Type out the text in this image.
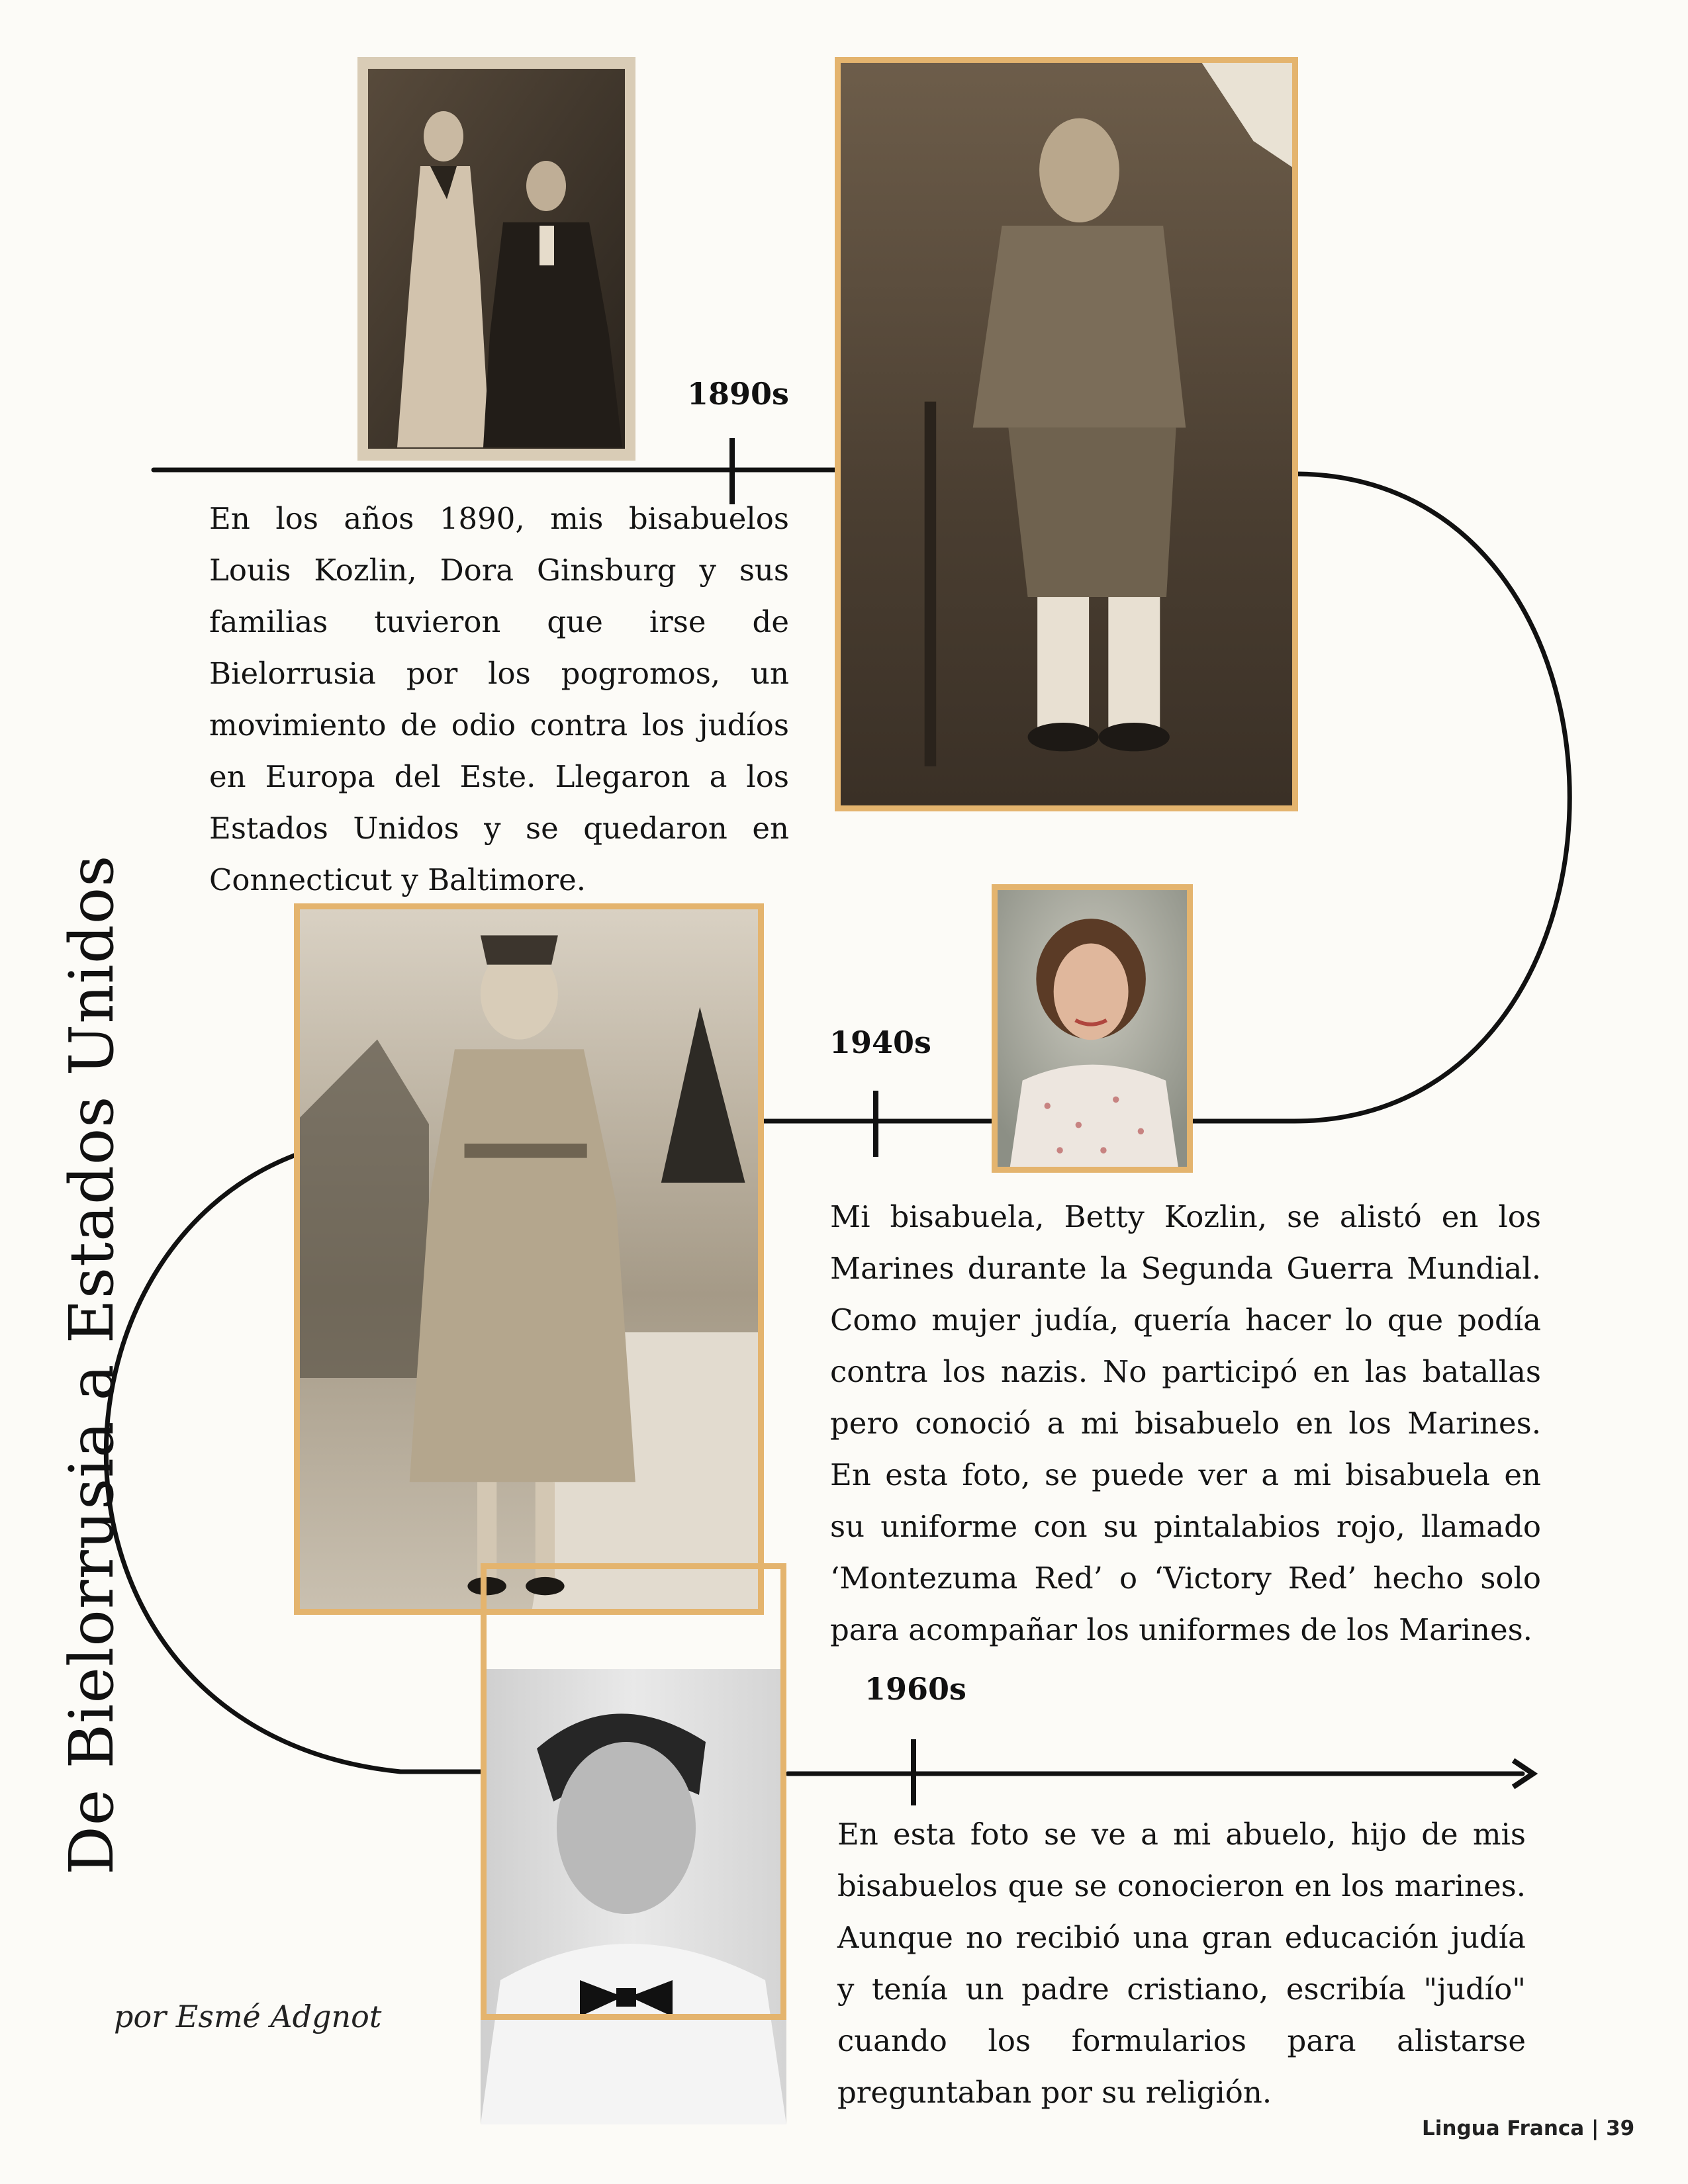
1890s
1940s
1960s
En los años 1890, mis bisabuelos Louis Kozlin, Dora Ginsburg y sus familias tuvieron que irse de Bielorrusia por los pogromos, un movimiento de odio contra los judíos en Europa del Este. Llegaron a los Estados Unidos y se quedaron en Connecticut y Baltimore.
Mi bisabuela, Betty Kozlin, se alistó en los Marines durante la Segunda Guerra Mundial. Como mujer judía, quería hacer lo que podía contra los nazis. No participó en las batallas pero conoció a mi bisabuelo en los Marines. En esta foto, se puede ver a mi bisabuela en su uniforme con su pintalabios rojo, llamado ‘Montezuma Red’ o ‘Victory Red’ hecho solo para acompañar los uniformes de los Marines.
En esta foto se ve a mi abuelo, hijo de mis bisabuelos que se conocieron en los marines. Aunque no recibió una gran educación judía y tenía un padre cristiano, escribía "judío" cuando los formularios para alistarse preguntaban por su religión.
De Bielorrusia a Estados Unidos
por Esmé Adgnot
Lingua Franca | 39
